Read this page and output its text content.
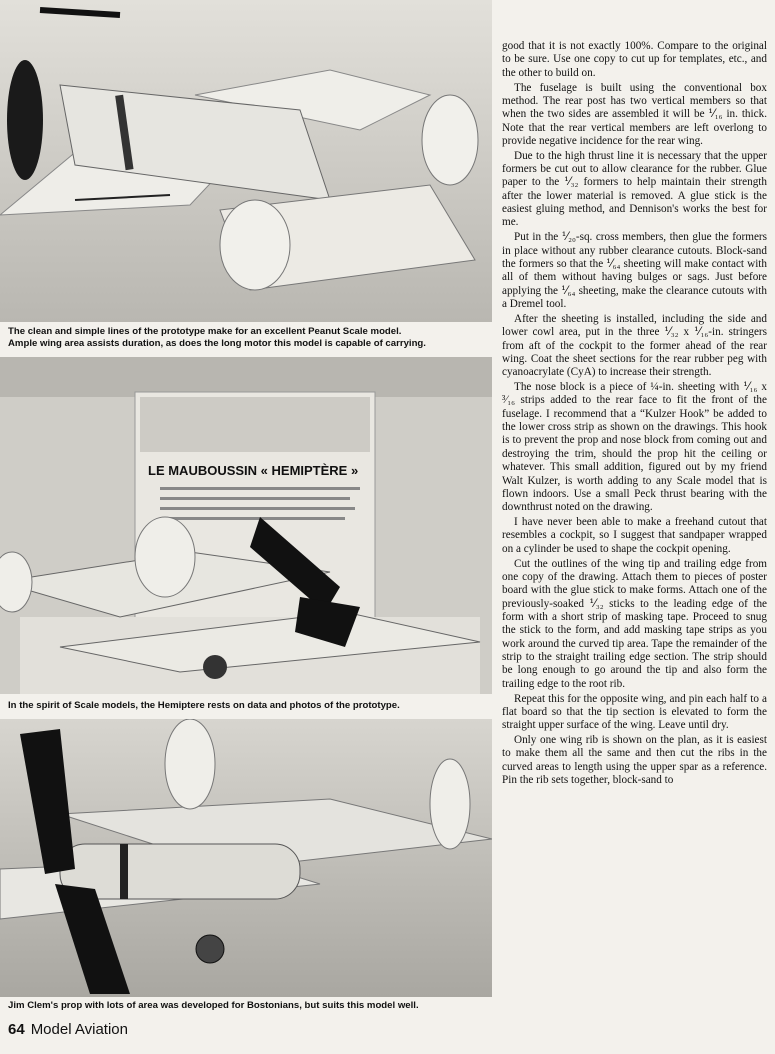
The clean and simple lines of the prototype make for an excellent Peanut Scale model.
Ample wing area assists duration, as does the long motor this model is capable of carrying.

LE MAUBOUSSIN « HEMIPTÈRE »

In the spirit of Scale models, the Hemiptere rests on data and photos of the prototype.

Jim Clem's prop with lots of area was developed for Bostonians, but suits this model well.

64 Model Aviation

good that it is not exactly 100%. Compare to the original to be sure. Use one copy to cut up for templates, etc., and the other to build on.

The fuselage is built using the conventional box method. The rear post has two vertical members so that when the two sides are assembled it will be ⅟₁₆ in. thick. Note that the rear vertical members are left overlong to provide negative incidence for the rear wing.

Due to the high thrust line it is necessary that the upper formers be cut out to allow clearance for the rubber. Glue paper to the ⅟₃₂ formers to help maintain their strength after the lower material is removed. A glue stick is the easiest gluing method, and Dennison's works the best for me.

Put in the ⅟₂₀-sq. cross members, then glue the formers in place without any rubber clearance cutouts. Block-sand the formers so that the ⅟₆₄ sheeting will make contact with all of them without having bulges or sags. Just before applying the ⅟₆₄ sheeting, make the clearance cutouts with a Dremel tool.

After the sheeting is installed, including the side and lower cowl area, put in the three ⅟₃₂ x ⅟₁₆-in. stringers from aft of the cockpit to the former ahead of the rear wing. Coat the sheet sections for the rear rubber peg with cyanoacrylate (CyA) to increase their strength.

The nose block is a piece of ¼-in. sheeting with ⅟₁₆ x ³⁄₁₆ strips added to the rear face to fit the front of the fuselage. I recommend that a “Kulzer Hook” be added to the lower cross strip as shown on the drawings. This hook is to prevent the prop and nose block from coming out and destroying the trim, should the prop hit the ceiling or whatever. This small addition, figured out by my friend Walt Kulzer, is worth adding to any Scale model that is flown indoors. Use a small Peck thrust bearing with the downthrust noted on the drawing.

I have never been able to make a freehand cutout that resembles a cockpit, so I suggest that sandpaper wrapped on a cylinder be used to shape the cockpit opening.

Cut the outlines of the wing tip and trailing edge from one copy of the drawing. Attach them to pieces of poster board with the glue stick to make forms. Attach one of the previously-soaked ⅟₃₂ sticks to the leading edge of the form with a short strip of masking tape. Proceed to snug the stick to the form, and add masking tape strips as you work around the curved tip area. Tape the remainder of the strip to the straight trailing edge section. The strip should be long enough to go around the tip and also form the trailing edge to the root rib.

Repeat this for the opposite wing, and pin each half to a flat board so that the tip section is elevated to form the straight upper surface of the wing. Leave until dry.

Only one wing rib is shown on the plan, as it is easiest to make them all the same and then cut the ribs in the curved areas to length using the upper spar as a reference. Pin the rib sets together, block-sand to
